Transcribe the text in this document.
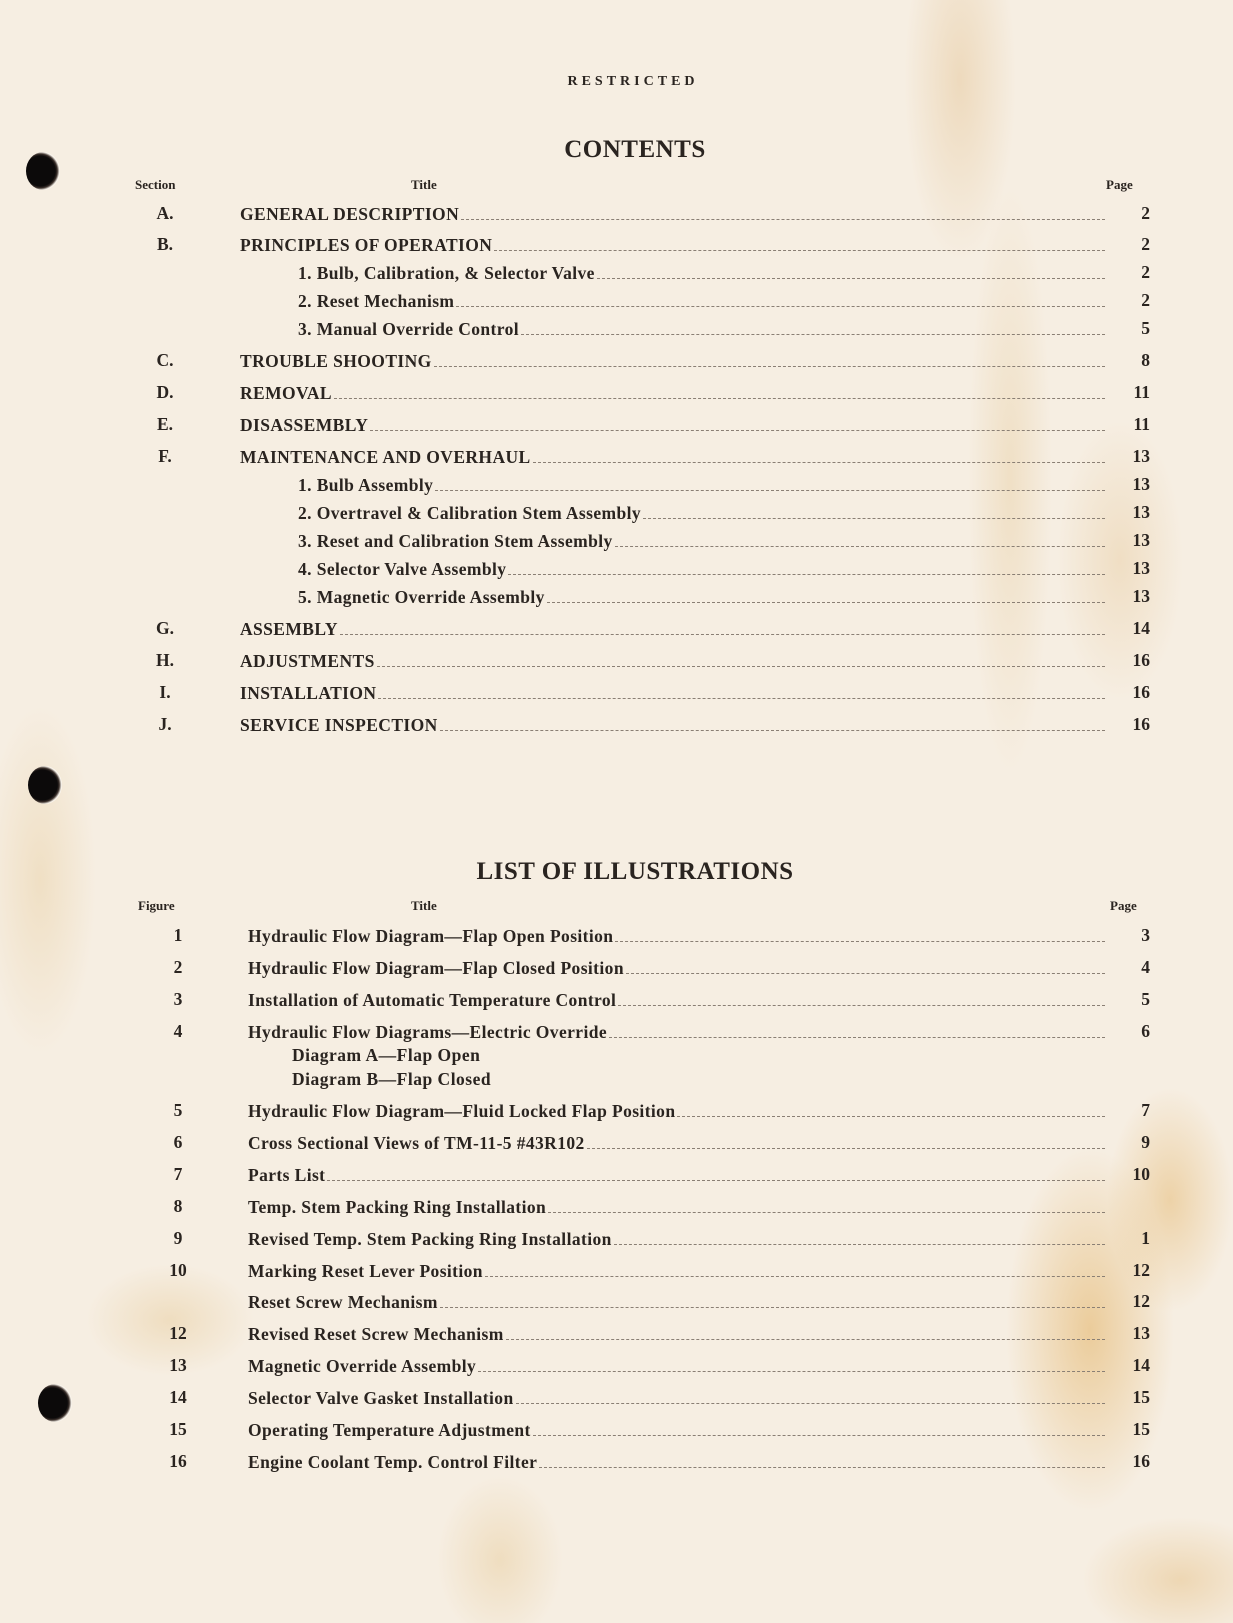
RESTRICTED
CONTENTS
Section	Title	Page
A.	GENERAL DESCRIPTION	2
B.	PRINCIPLES OF OPERATION	2
1. Bulb, Calibration, & Selector Valve	2
2. Reset Mechanism	2
3. Manual Override Control	5
C.	TROUBLE SHOOTING	8
D.	REMOVAL	11
E.	DISASSEMBLY	11
F.	MAINTENANCE AND OVERHAUL	13
1. Bulb Assembly	13
2. Overtravel & Calibration Stem Assembly	13
3. Reset and Calibration Stem Assembly	13
4. Selector Valve Assembly	13
5. Magnetic Override Assembly	13
G.	ASSEMBLY	14
H.	ADJUSTMENTS	16
I.	INSTALLATION	16
J.	SERVICE INSPECTION	16
LIST OF ILLUSTRATIONS
Figure	Title	Page
1	Hydraulic Flow Diagram—Flap Open Position	3
2	Hydraulic Flow Diagram—Flap Closed Position	4
3	Installation of Automatic Temperature Control	5
4	Hydraulic Flow Diagrams—Electric Override	6
Diagram A—Flap Open
Diagram B—Flap Closed
5	Hydraulic Flow Diagram—Fluid Locked Flap Position	7
6	Cross Sectional Views of TM-11-5 #43R102	9
7	Parts List	10
8	Temp. Stem Packing Ring Installation
9	Revised Temp. Stem Packing Ring Installation	1
10	Marking Reset Lever Position	12
Reset Screw Mechanism	12
12	Revised Reset Screw Mechanism	13
13	Magnetic Override Assembly	14
14	Selector Valve Gasket Installation	15
15	Operating Temperature Adjustment	15
16	Engine Coolant Temp. Control Filter	16
